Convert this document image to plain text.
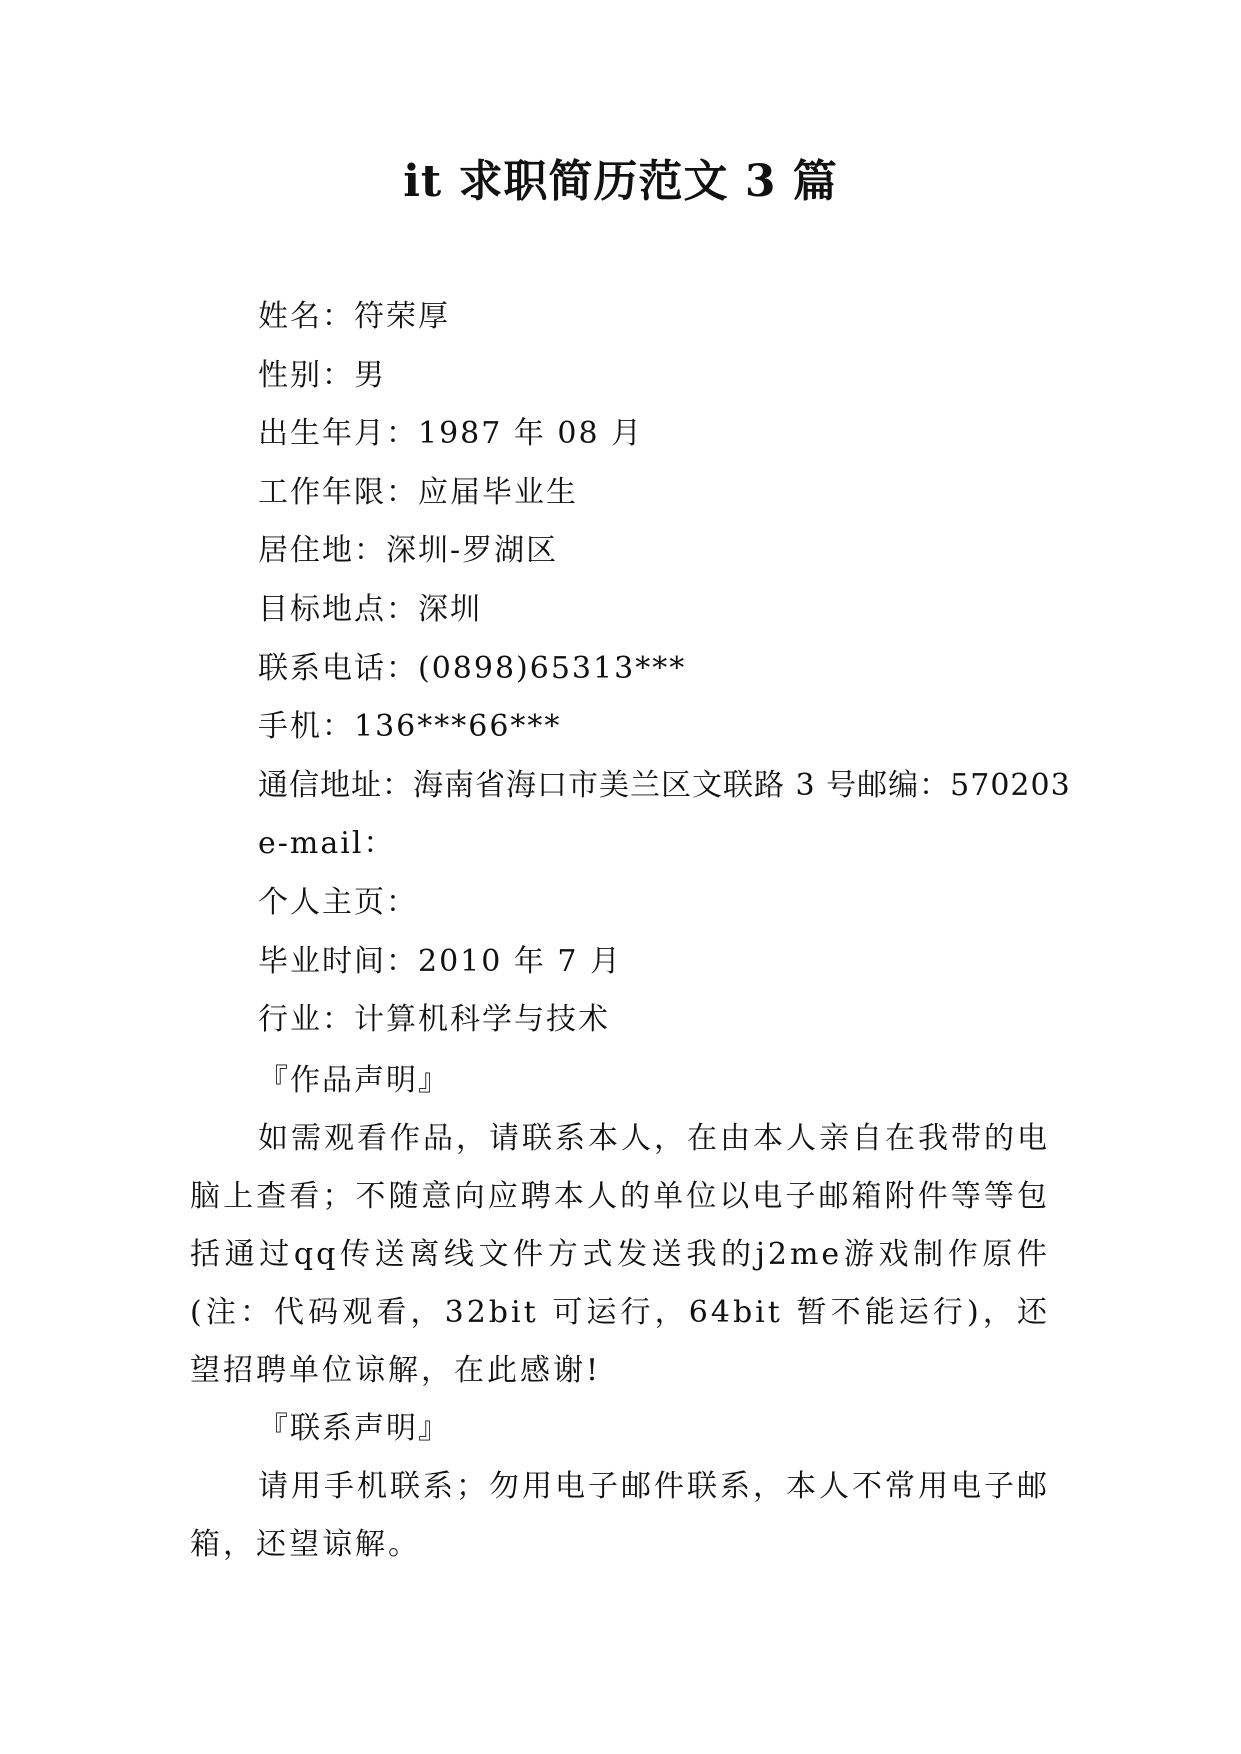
it 求职简历范文 3 篇
姓名：符荣厚
性别：男
出生年月：1987 年 08 月
工作年限：应届毕业生
居住地：深圳-罗湖区
目标地点：深圳
联系电话：(0898)65313***
手机：136***66***
通信地址：海南省海口市美兰区文联路 3 号邮编：570203
e-mail：
个人主页：
毕业时间：2010 年 7 月
行业：计算机科学与技术
『作品声明』

如需观看作品，请联系本人，在由本人亲自在我带的电脑上查看；不随意向应聘本人的单位以电子邮箱附件等等包括通过qq传送离线文件方式发送我的j2me游戏制作原件(注：代码观看，32bit 可运行，64bit 暂不能运行)，还望招聘单位谅解，在此感谢!

『联系声明』

请用手机联系；勿用电子邮件联系，本人不常用电子邮箱，还望谅解。
